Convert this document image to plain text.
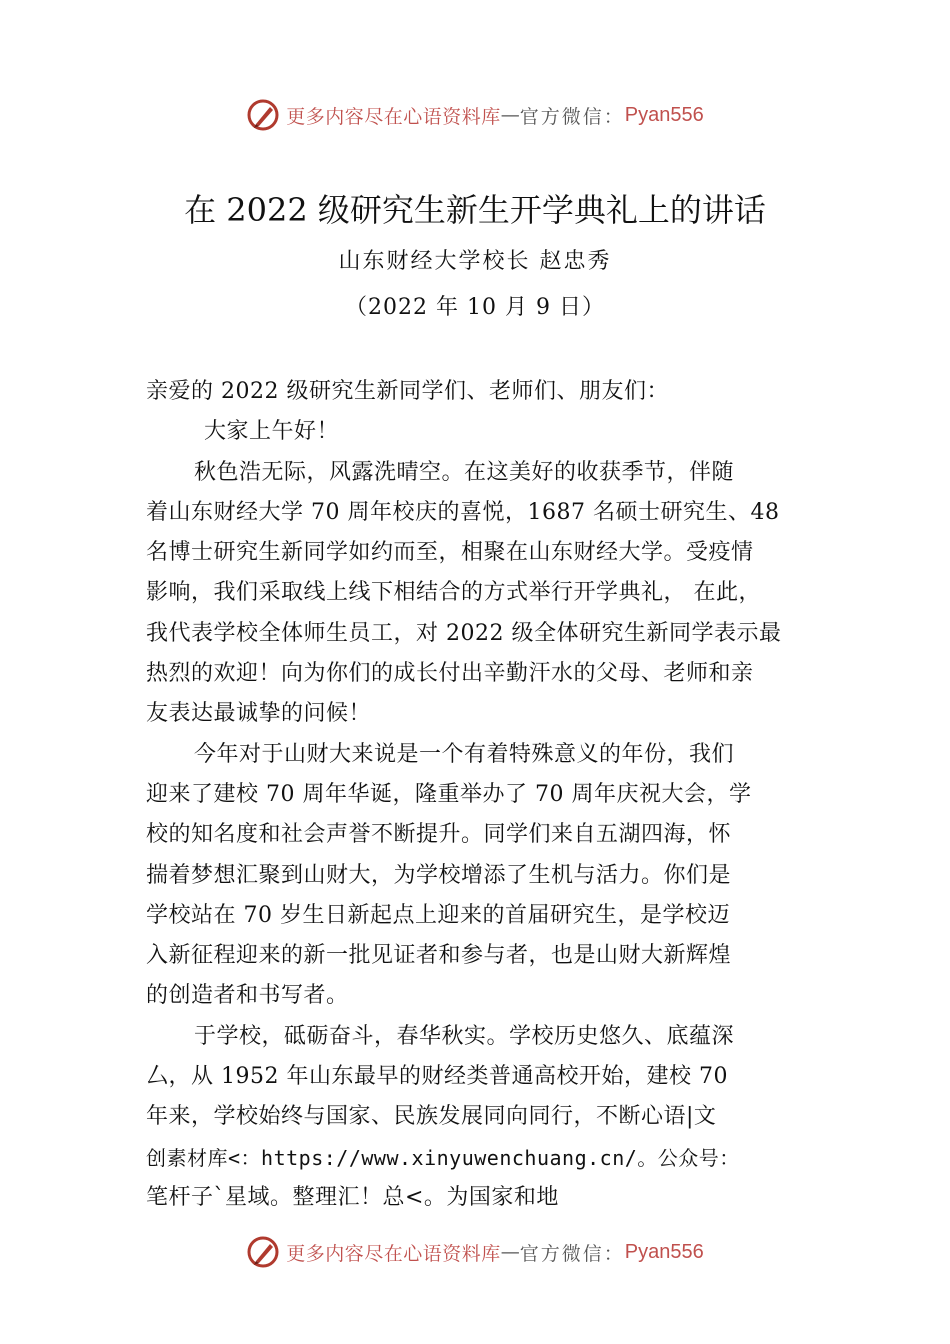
更多内容尽在心语资料库 — 官方微信： Pyan556
在 2022 级研究生新生开学典礼上的讲话
山东财经大学校长 赵忠秀
（2022 年 10 月 9 日）
亲爱的 2022 级研究生新同学们、老师们、朋友们：
大家上午好！
秋色浩无际，风露洗晴空。在这美好的收获季节，伴随
着山东财经大学 70 周年校庆的喜悦，1687 名硕士研究生、48
名博士研究生新同学如约而至，相聚在山东财经大学。受疫情
影响，我们采取线上线下相结合的方式举行开学典礼， 在此，
我代表学校全体师生员工，对 2022 级全体研究生新同学表示最
热烈的欢迎！向为你们的成长付出辛勤汗水的父母、老师和亲
友表达最诚挚的问候！
今年对于山财大来说是一个有着特殊意义的年份，我们
迎来了建校 70 周年华诞，隆重举办了 70 周年庆祝大会，学
校的知名度和社会声誉不断提升。同学们来自五湖四海，怀
揣着梦想汇聚到山财大，为学校增添了生机与活力。你们是
学校站在 70 岁生日新起点上迎来的首届研究生，是学校迈
入新征程迎来的新一批见证者和参与者，也是山财大新辉煌
的创造者和书写者。
于学校，砥砺奋斗，春华秋实。学校历史悠久、底蕴深
厶，从 1952 年山东最早的财经类普通高校开始，建校 70
年来，学校始终与国家、民族发展同向同行，不断心语|文
创素材库<：https://www.xinyuwenchuang.cn/。公众号：
笔杆子`星域。整理汇！总<。为国家和地
更多内容尽在心语资料库 — 官方微信： Pyan556
